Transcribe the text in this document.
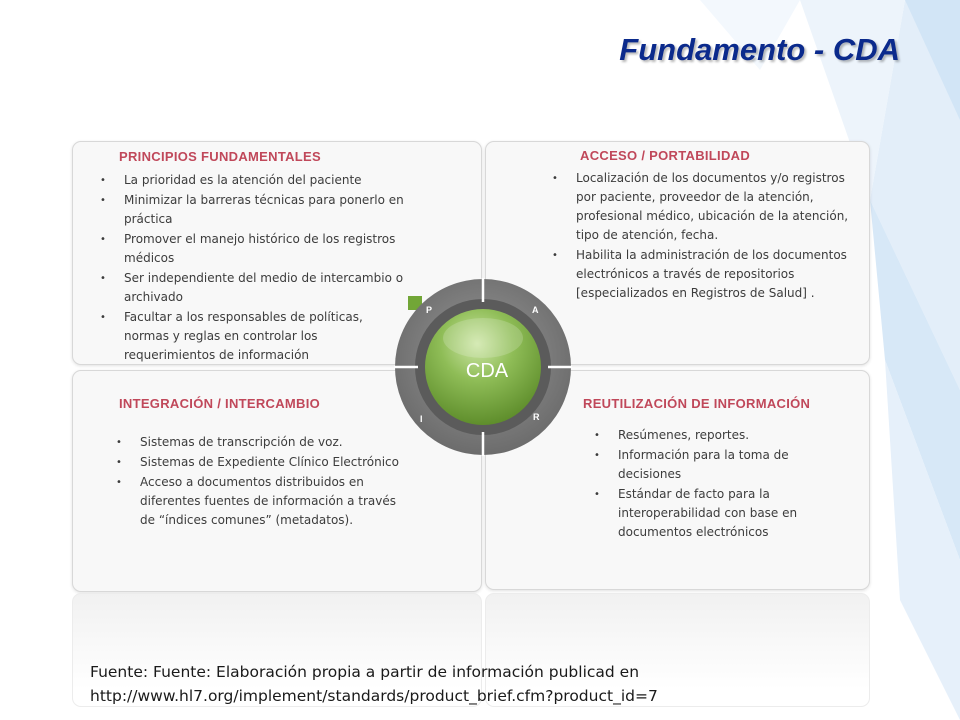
Fundamento - CDA
PRINCIPIOS FUNDAMENTALES
• La prioridad es la atención del paciente
• Minimizar la barreras técnicas para ponerlo en práctica
• Promover el manejo histórico de los registros médicos
• Ser independiente del medio de intercambio o archivado
• Facultar a los responsables de políticas, normas y reglas en controlar los requerimientos de información
ACCESO / PORTABILIDAD
• Localización de los documentos y/o registros por paciente, proveedor de la atención, profesional médico, ubicación de la atención, tipo de atención, fecha.
• Habilita la administración de los documentos electrónicos a través de repositorios [especializados en Registros de Salud] .
INTEGRACIÓN / INTERCAMBIO
• Sistemas de transcripción de voz.
• Sistemas de Expediente Clínico Electrónico
• Acceso a documentos distribuidos en diferentes fuentes de información a través de “índices comunes” (metadatos).
REUTILIZACIÓN DE INFORMACIÓN
• Resúmenes, reportes.
• Información para la toma de decisiones
• Estándar de facto para la interoperabilidad con base en documentos electrónicos
CDA
P	A
R
I

Fuente: Fuente: Elaboración propia a partir de información publicad en
http://www.hl7.org/implement/standards/product_brief.cfm?product_id=7
